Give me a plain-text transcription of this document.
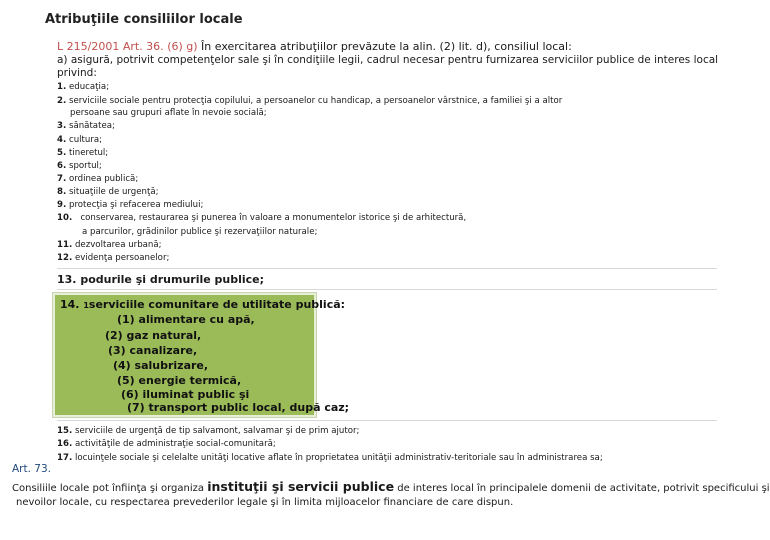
Atribuţiile consiliilor locale
L 215/2001 Art. 36. (6) g) În exercitarea atribuţiilor prevăzute la alin. (2) lit. d), consiliul local:
a) asigură, potrivit competenţelor sale şi în condiţiile legii, cadrul necesar pentru furnizarea serviciilor publice de interes local
privind:
1. educaţia;
2. serviciile sociale pentru protecţia copilului, a persoanelor cu handicap, a persoanelor vârstnice, a familiei şi a altor
persoane sau grupuri aflate în nevoie socială;
3. sănătatea;
4. cultura;
5. tineretul;
6. sportul;
7. ordinea publică;
8. situaţiile de urgenţă;
9. protecţia şi refacerea mediului;
10. conservarea, restaurarea şi punerea în valoare a monumentelor istorice şi de arhitectură,
a parcurilor, grădinilor publice şi rezervaţiilor naturale;
11. dezvoltarea urbană;
12. evidenţa persoanelor;
13. podurile şi drumurile publice;
14. 1serviciile comunitare de utilitate publică:
(1) alimentare cu apă,
(2) gaz natural,
(3) canalizare,
(4) salubrizare,
(5) energie termică,
(6) iluminat public şi
(7) transport public local, după caz;
15. serviciile de urgenţă de tip salvamont, salvamar şi de prim ajutor;
16. activităţile de administraţie social-comunitară;
17. locuinţele sociale şi celelalte unităţi locative aflate în proprietatea unităţii administrativ-teritoriale sau în administrarea sa;
Art. 73.
Consiliile locale pot înfiinţa şi organiza instituţii şi servicii publice de interes local în principalele domenii de activitate, potrivit specificului şi
nevoilor locale, cu respectarea prevederilor legale şi în limita mijloacelor financiare de care dispun.
